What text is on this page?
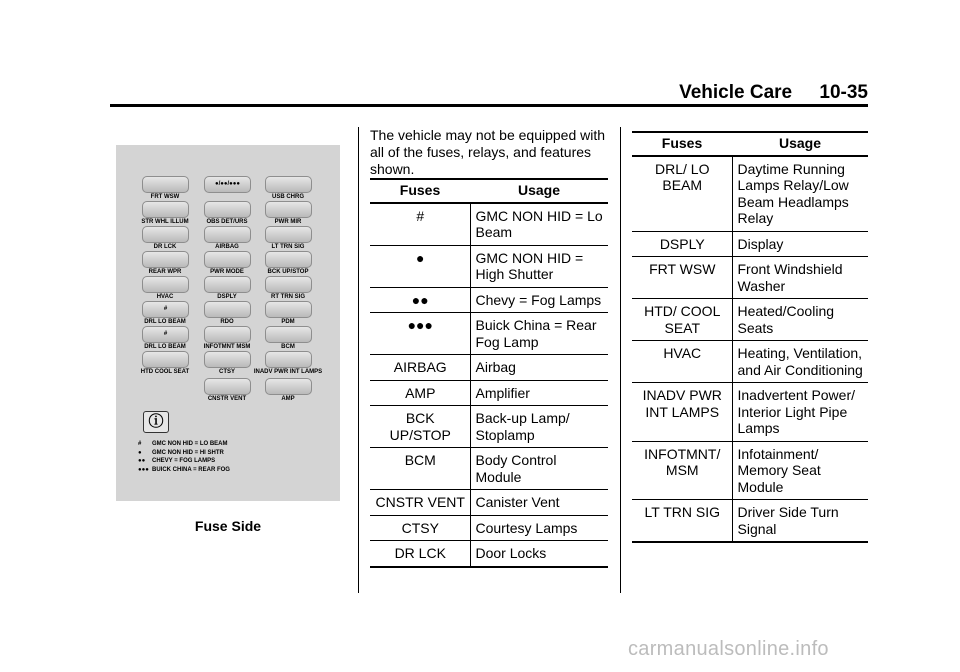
Vehicle Care 10-35
FRT WSW
●/●●/●●●
USB CHRG
STR WHL ILLUM	OBS DET/URS	PWR MIR
DR LCK	AIRBAG	LT TRN SIG
REAR WPR	PWR MODE	BCK UP/STOP
HVAC	DSPLY	RT TRN SIG
#
DRL LO BEAM	RDO	PDM
#
DRL LO BEAM	INFOTMNT MSM	BCM
HTD COOL SEAT	CTSY	INADV PWR INT LAMPS
CNSTR VENT	AMP
ⓘ
#	GMC NON HID = LO BEAM
●	GMC NON HID = HI SHTR
●●	CHEVY = FOG LAMPS
●●● BUICK CHINA = REAR FOG
Fuse Side
The vehicle may not be equipped with all of the fuses, relays, and features shown.
Fuses	Usage
#	GMC NON HID = Lo Beam
●	GMC NON HID = High Shutter
●●	Chevy = Fog Lamps
●●●	Buick China = Rear Fog Lamp
AIRBAG	Airbag
AMP	Amplifier
BCK UP/STOP	Back-up Lamp/ Stoplamp
BCM	Body Control Module
CNSTR VENT	Canister Vent
CTSY	Courtesy Lamps
DR LCK	Door Locks
Fuses	Usage
DRL/ LO BEAM	Daytime Running Lamps Relay/Low Beam Headlamps Relay
DSPLY	Display
FRT WSW	Front Windshield Washer
HTD/ COOL SEAT	Heated/Cooling Seats
HVAC	Heating, Ventilation, and Air Conditioning
INADV PWR INT LAMPS	Inadvertent Power/ Interior Light Pipe Lamps
INFOTMNT/ MSM	Infotainment/ Memory Seat Module
LT TRN SIG	Driver Side Turn Signal
carmanualsonline.info
